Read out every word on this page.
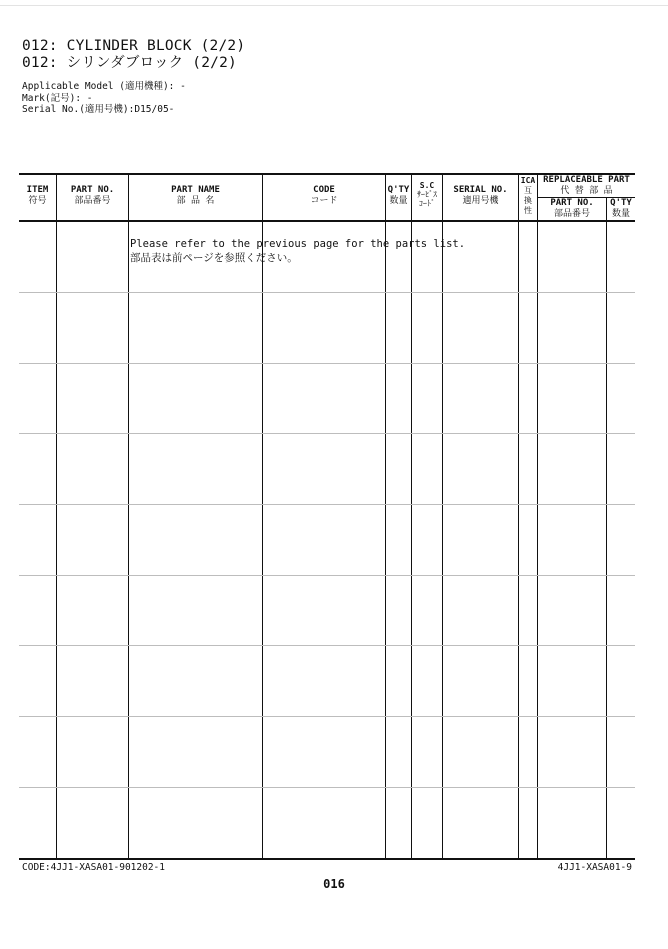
012: CYLINDER BLOCK (2/2)
012: シリンダブロック (2/2)
Applicable Model (適用機種): -
Mark(記号): -
Serial No.(適用号機):D15/05-
ITEM
符号
PART NO.
部品番号
PART NAME
部 品 名
CODE
コード
Q'TY
数量
S.C
ｻｰﾋﾞｽ
ｺｰﾄﾞ
SERIAL NO.
適用号機
ICA
互
換
性
REPLACEABLE PART
代 替 部 品
PART NO.
部品番号
Q'TY
数量
Please refer to the previous page for the parts list.
部品表は前ページを参照ください。
CODE:4JJ1-XASA01-901202-1	4JJ1-XASA01-9
016
